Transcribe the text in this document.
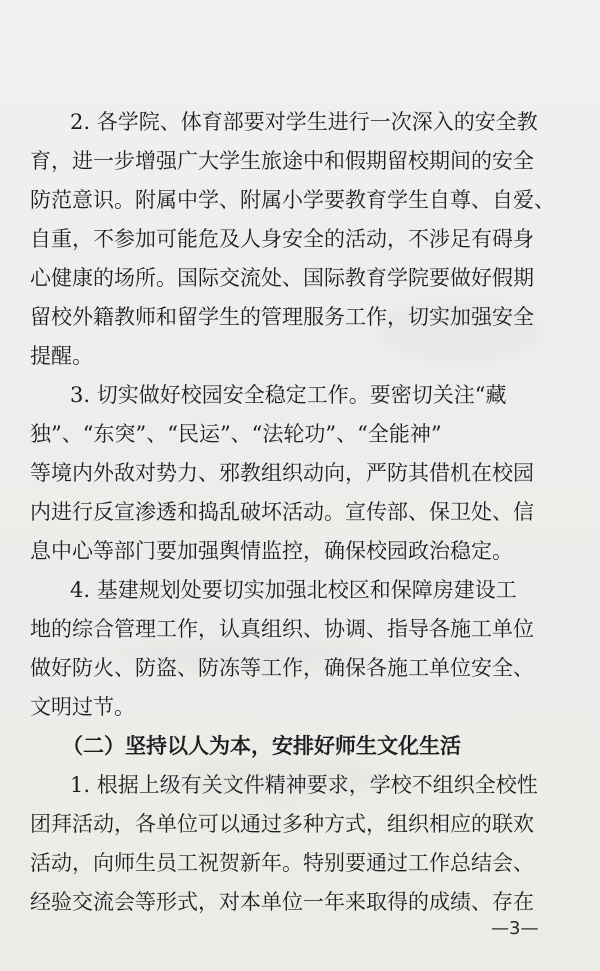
2. 各学院、体育部要对学生进行一次深入的安全教
育，进一步增强广大学生旅途中和假期留校期间的安全
防范意识。附属中学、附属小学要教育学生自尊、自爱、
自重，不参加可能危及人身安全的活动，不涉足有碍身
心健康的场所。国际交流处、国际教育学院要做好假期
留校外籍教师和留学生的管理服务工作，切实加强安全
提醒。
3. 切实做好校园安全稳定工作。要密切关注“藏
独”、“东突”、“民运”、“法轮功”、“全能神”
等境内外敌对势力、邪教组织动向，严防其借机在校园
内进行反宣渗透和捣乱破坏活动。宣传部、保卫处、信
息中心等部门要加强舆情监控，确保校园政治稳定。
4. 基建规划处要切实加强北校区和保障房建设工
地的综合管理工作，认真组织、协调、指导各施工单位
做好防火、防盗、防冻等工作，确保各施工单位安全、
文明过节。
（二）坚持以人为本，安排好师生文化生活
1. 根据上级有关文件精神要求，学校不组织全校性
团拜活动，各单位可以通过多种方式，组织相应的联欢
活动，向师生员工祝贺新年。特别要通过工作总结会、
经验交流会等形式，对本单位一年来取得的成绩、存在
—3—
